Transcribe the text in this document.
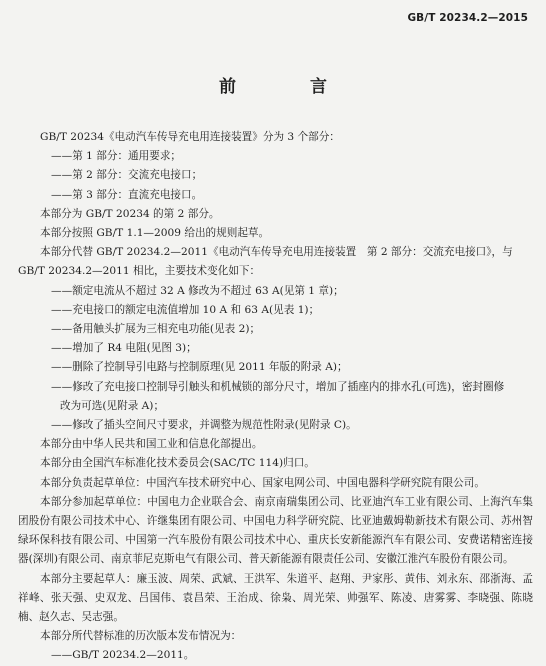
GB/T 20234.2—2015
前 言

GB/T 20234《电动汽车传导充电用连接装置》分为 3 个部分：

——第 1 部分：通用要求；

——第 2 部分：交流充电接口；

——第 3 部分：直流充电接口。

本部分为 GB/T 20234 的第 2 部分。

本部分按照 GB/T 1.1—2009 给出的规则起草。

本部分代替 GB/T 20234.2—2011《电动汽车传导充电用连接装置　第 2 部分：交流充电接口》，与

GB/T 20234.2—2011 相比，主要技术变化如下：

——额定电流从不超过 32 A 修改为不超过 63 A(见第 1 章)；

——充电接口的额定电流值增加 10 A 和 63 A(见表 1)；

——备用触头扩展为三相充电功能(见表 2)；

——增加了 R4 电阻(见图 3)；

——删除了控制导引电路与控制原理(见 2011 年版的附录 A)；

——修改了充电接口控制导引触头和机械锁的部分尺寸，增加了插座内的排水孔(可选)，密封圈修

改为可选(见附录 A)；

——修改了插头空间尺寸要求，并调整为规范性附录(见附录 C)。

本部分由中华人民共和国工业和信息化部提出。

本部分由全国汽车标准化技术委员会(SAC/TC 114)归口。

本部分负责起草单位：中国汽车技术研究中心、国家电网公司、中国电器科学研究院有限公司。

本部分参加起草单位：中国电力企业联合会、南京南瑞集团公司、比亚迪汽车工业有限公司、上海汽车集团股份有限公司技术中心、许继集团有限公司、中国电力科学研究院、比亚迪戴姆勒新技术有限公司、苏州智绿环保科技有限公司、中国第一汽车股份有限公司技术中心、重庆长安新能源汽车有限公司、安费诺精密连接器(深圳)有限公司、南京菲尼克斯电气有限公司、普天新能源有限责任公司、安徽江淮汽车股份有限公司。

本部分主要起草人：廉玉波、周荣、武斌、王洪军、朱道平、赵翔、尹家彤、黄伟、刘永东、邵浙海、孟祥峰、张天强、史双龙、吕国伟、袁昌荣、王治成、徐枭、周光荣、帅强军、陈凌、唐雾雾、李晓强、陈晓楠、赵久志、吴志强。

本部分所代替标准的历次版本发布情况为：

——GB/T 20234.2—2011。
